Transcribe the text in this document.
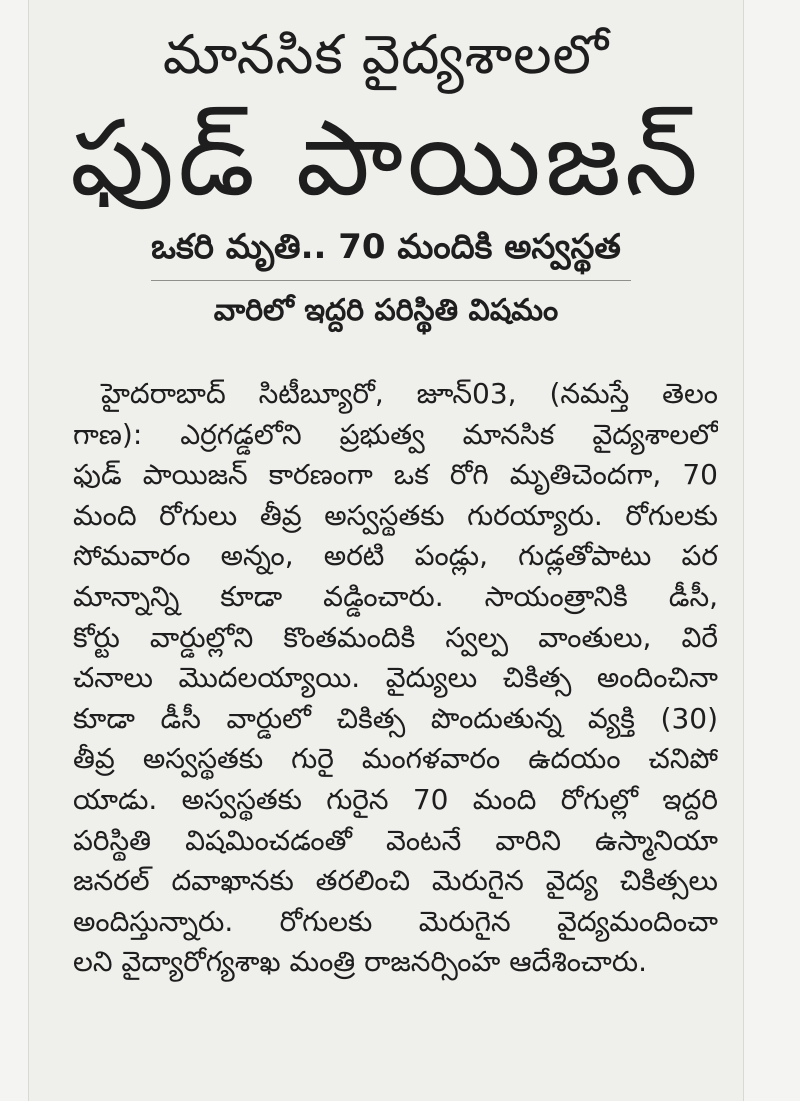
మానసిక వైద్యశాలలో
ఫుడ్ పాయిజన్
ఒకరి మృతి.. 70 మందికి అస్వస్థత
వారిలో ఇద్దరి పరిస్థితి విషమం
హైదరాబాద్ సిటీబ్యూరో, జూన్03, (నమస్తే తెలం
గాణ): ఎర్రగడ్డలోని ప్రభుత్వ మానసిక వైద్యశాలలో
ఫుడ్ పాయిజన్ కారణంగా ఒక రోగి మృతిచెందగా, 70
మంది రోగులు తీవ్ర అస్వస్థతకు గురయ్యారు. రోగులకు
సోమవారం అన్నం, అరటి పండ్లు, గుడ్లతోపాటు పర
మాన్నాన్ని కూడా వడ్డించారు. సాయంత్రానికి డీసీ,
కోర్టు వార్డుల్లోని కొంతమందికి స్వల్ప వాంతులు, విరే
చనాలు మొదలయ్యాయి. వైద్యులు చికిత్స అందించినా
కూడా డీసీ వార్డులో చికిత్స పొందుతున్న వ్యక్తి (30)
తీవ్ర అస్వస్థతకు గురై మంగళవారం ఉదయం చనిపో
యాడు. అస్వస్థతకు గురైన 70 మంది రోగుల్లో ఇద్దరి
పరిస్థితి విషమించడంతో వెంటనే వారిని ఉస్మానియా
జనరల్ దవాఖానకు తరలించి మెరుగైన వైద్య చికిత్సలు
అందిస్తున్నారు. రోగులకు మెరుగైన వైద్యమందించా
లని వైద్యారోగ్యశాఖ మంత్రి రాజనర్సింహ ఆదేశించారు.
